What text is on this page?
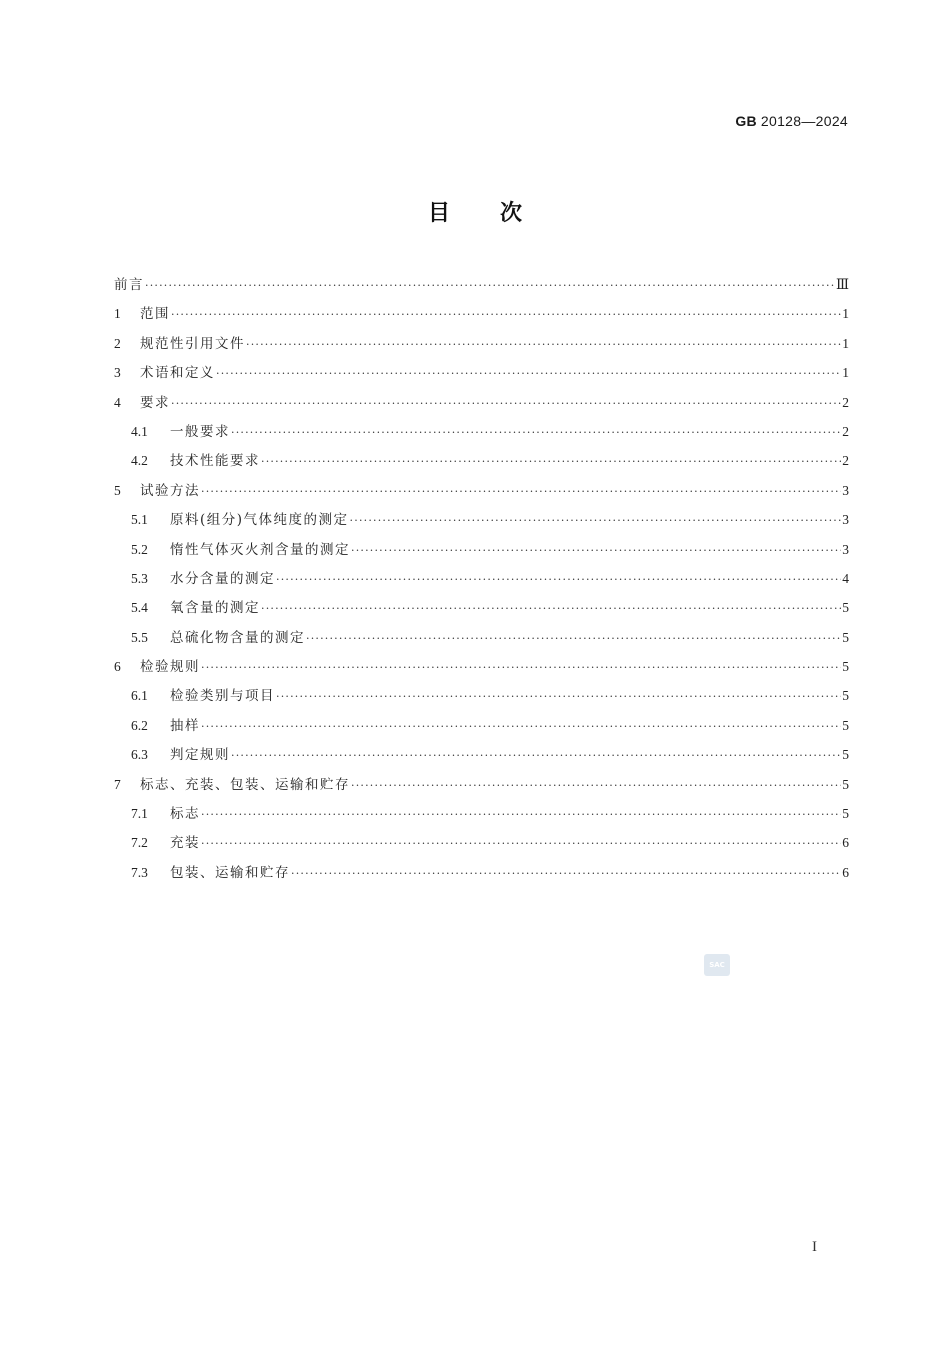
GB 20128—2024
目次
前言 ·····	Ⅲ
1	范围 ·····	1
2	规范性引用文件 ·····	1
3	术语和定义 ·····	1
4	要求 ·····	2
4.1	一般要求 ·····	2
4.2	技术性能要求 ·····	2
5	试验方法 ·····	3
5.1	原料(组分)气体纯度的测定 ·····	3
5.2	惰性气体灭火剂含量的测定 ·····	3
5.3	水分含量的测定 ·····	4
5.4	氧含量的测定 ·····	5
5.5	总硫化物含量的测定 ·····	5
6	检验规则 ·····	5
6.1	检验类别与项目 ·····	5
6.2	抽样 ·····	5
6.3	判定规则 ·····	5
7	标志、充装、包装、运输和贮存 ·····	5
7.1	标志 ·····	5
7.2	充装 ·····	6
7.3	包装、运输和贮存 ·····	6
SAC
I
